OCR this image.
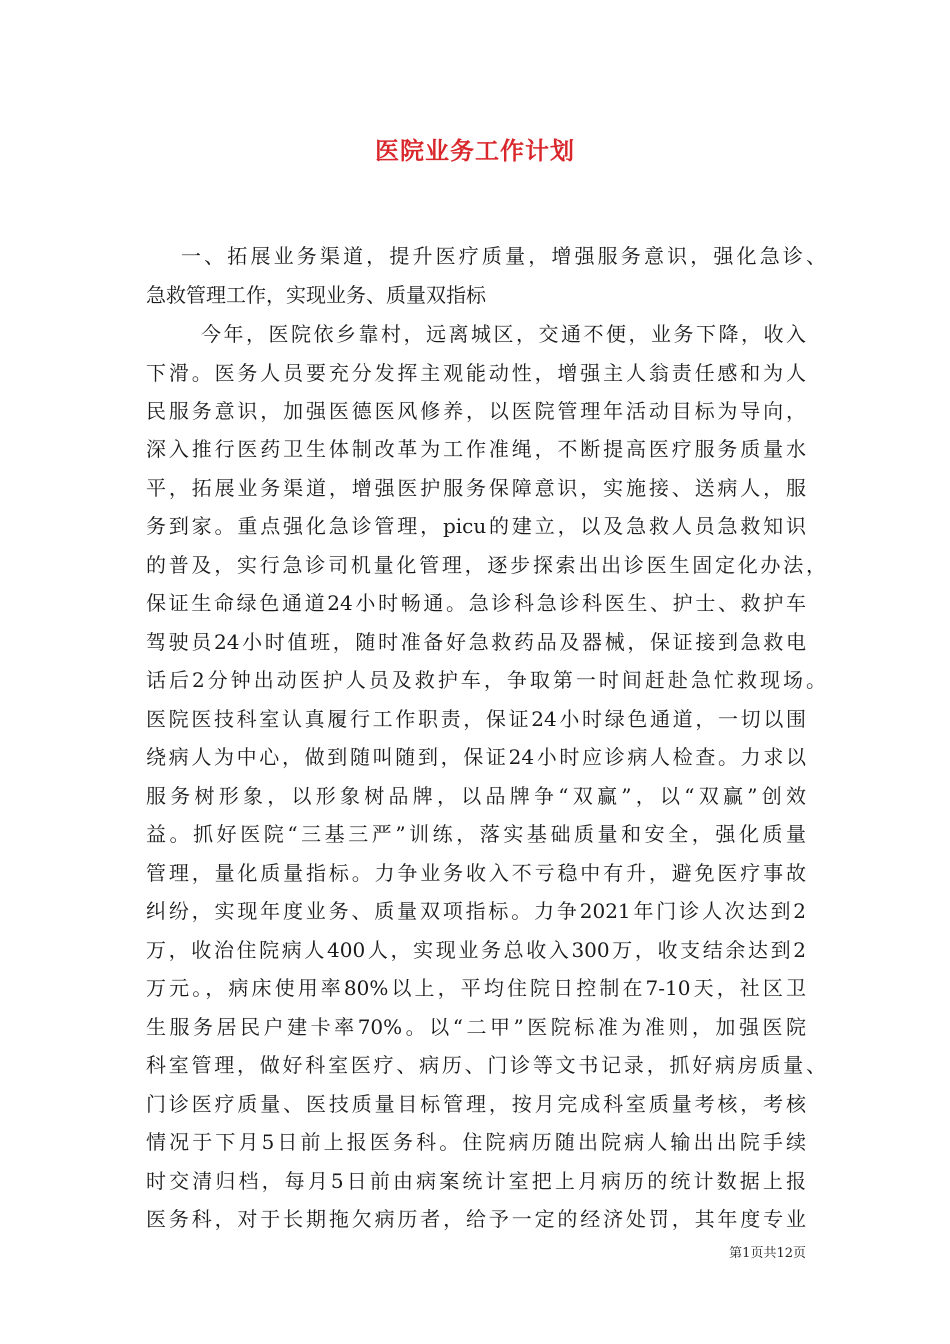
医院业务工作计划
一、拓展业务渠道，提升医疗质量，增强服务意识，强化急诊、
急救管理工作，实现业务、质量双指标
今年，医院依乡靠村，远离城区，交通不便，业务下降，收入
下滑。医务人员要充分发挥主观能动性，增强主人翁责任感和为人
民服务意识，加强医德医风修养，以医院管理年活动目标为导向，
深入推行医药卫生体制改革为工作准绳，不断提高医疗服务质量水
平，拓展业务渠道，增强医护服务保障意识，实施接、送病人，服
务到家。重点强化急诊管理，picu的建立，以及急救人员急救知识
的普及，实行急诊司机量化管理，逐步探索出出诊医生固定化办法，
保证生命绿色通道24小时畅通。急诊科急诊科医生、护士、救护车
驾驶员24小时值班，随时准备好急救药品及器械，保证接到急救电
话后2分钟出动医护人员及救护车，争取第一时间赶赴急忙救现场。
医院医技科室认真履行工作职责，保证24小时绿色通道，一切以围
绕病人为中心，做到随叫随到，保证24小时应诊病人检查。力求以
服务树形象，以形象树品牌，以品牌争“双赢”，以“双赢”创效
益。抓好医院“三基三严”训练，落实基础质量和安全，强化质量
管理，量化质量指标。力争业务收入不亏稳中有升，避免医疗事故
纠纷，实现年度业务、质量双项指标。力争2021年门诊人次达到2
万，收治住院病人400人，实现业务总收入300万，收支结余达到2
万元。，病床使用率80%以上，平均住院日控制在7-10天，社区卫
生服务居民户建卡率70%。以“二甲”医院标准为准则，加强医院
科室管理，做好科室医疗、病历、门诊等文书记录，抓好病房质量、
门诊医疗质量、医技质量目标管理，按月完成科室质量考核，考核
情况于下月5日前上报医务科。住院病历随出院病人输出出院手续
时交清归档，每月5日前由病案统计室把上月病历的统计数据上报
医务科，对于长期拖欠病历者，给予一定的经济处罚，其年度专业
第1页共12页
